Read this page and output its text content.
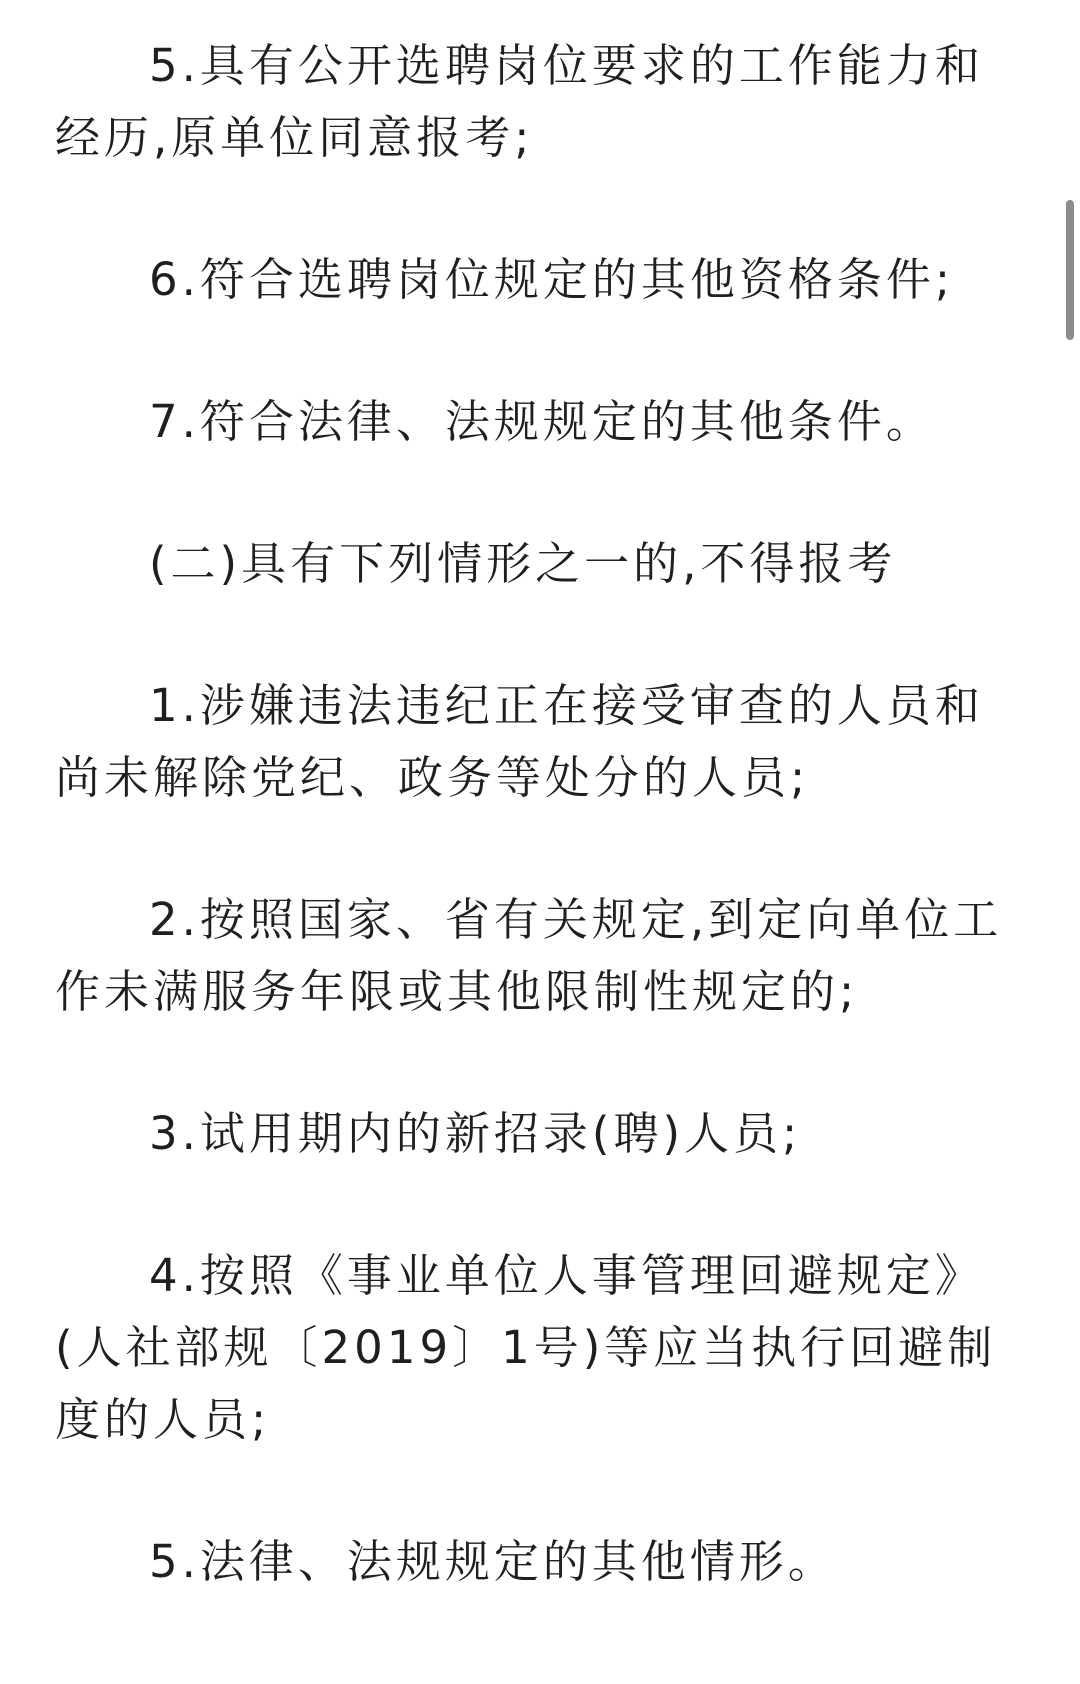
5.具有公开选聘岗位要求的工作能力和经历,原单位同意报考;

6.符合选聘岗位规定的其他资格条件;

7.符合法律、法规规定的其他条件。

(二)具有下列情形之一的,不得报考

1.涉嫌违法违纪正在接受审查的人员和尚未解除党纪、政务等处分的人员;

2.按照国家、省有关规定,到定向单位工作未满服务年限或其他限制性规定的;

3.试用期内的新招录(聘)人员;

4.按照《事业单位人事管理回避规定》(人社部规〔2019〕1号)等应当执行回避制度的人员;

5.法律、法规规定的其他情形。
